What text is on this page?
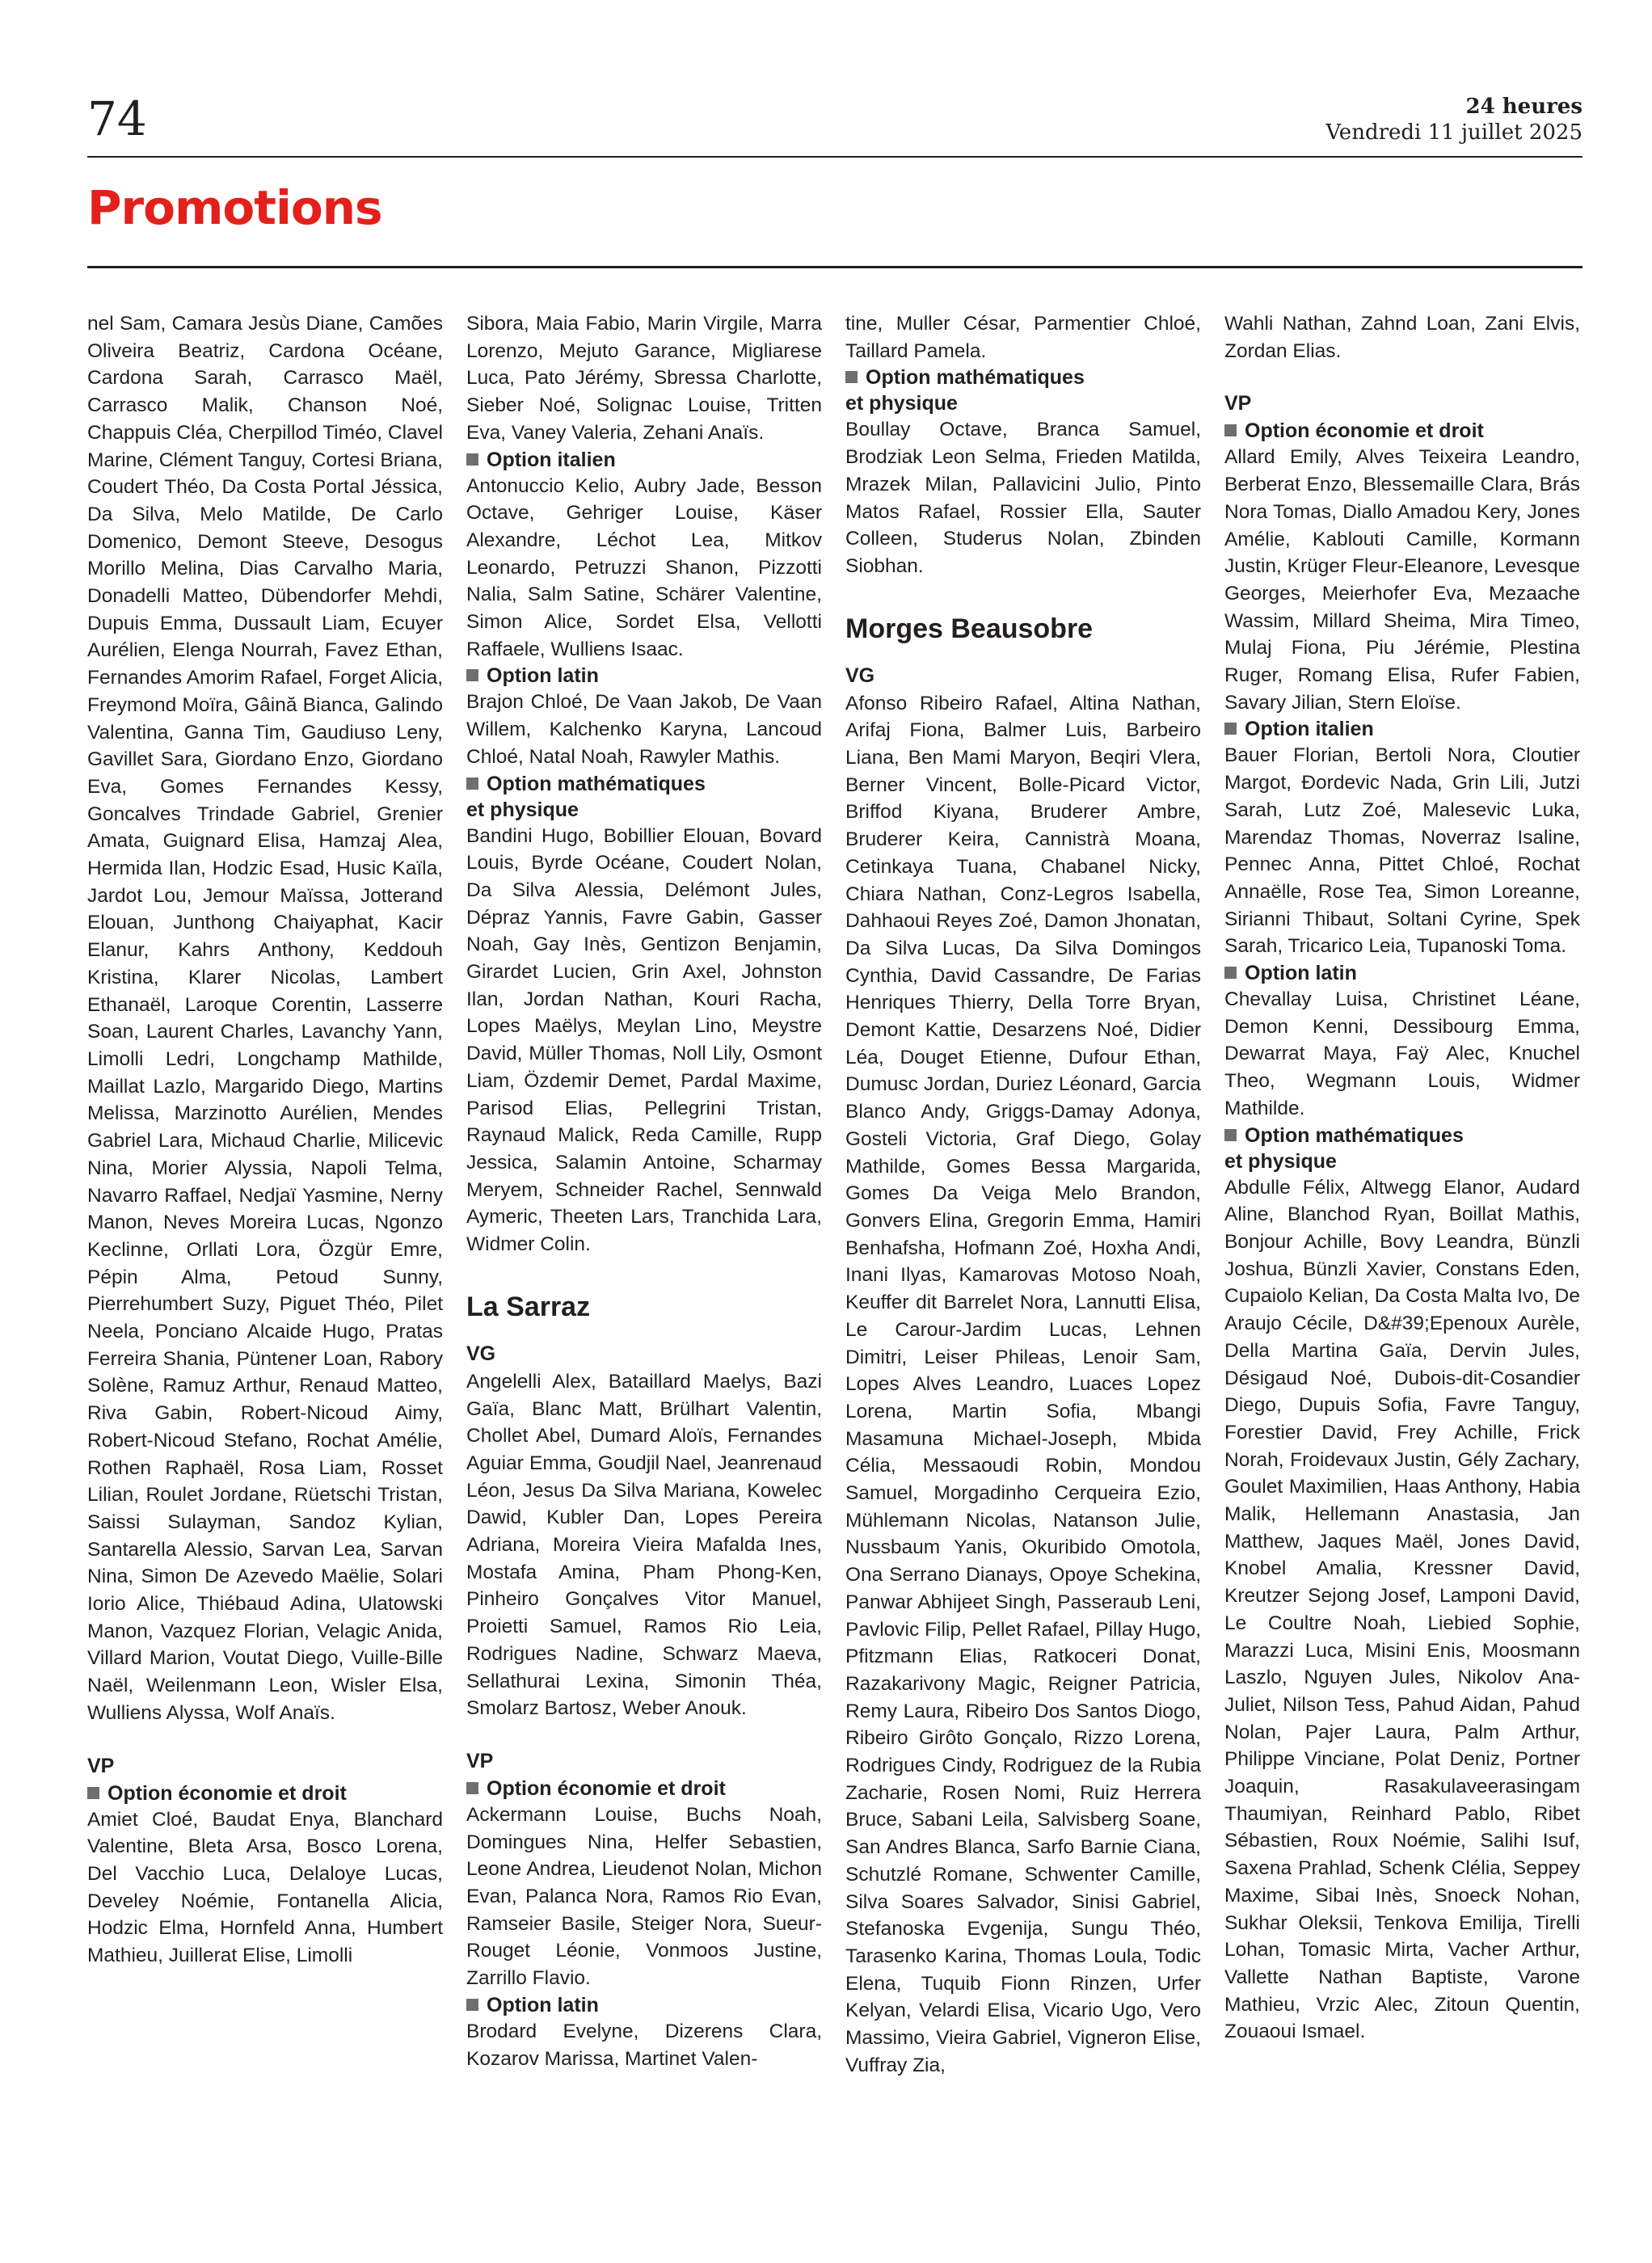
74	24 heures
Vendredi 11 juillet 2025
Promotions

nel Sam, Camara Jesùs Diane, Camões Oliveira Beatriz, Cardona Océane, Cardona Sarah, Carrasco Maël, Carrasco Malik, Chanson Noé, Chappuis Cléa, Cherpillod Timéo, Clavel Marine, Clément Tanguy, Cortesi Briana, Coudert Théo, Da Costa Portal Jéssica, Da Silva, Melo Matilde, De Carlo Domenico, Demont Steeve, Desogus Morillo Melina, Dias Carvalho Maria, Donadelli Matteo, Dübendorfer Mehdi, Dupuis Emma, Dussault Liam, Ecuyer Aurélien, Elenga Nourrah, Favez Ethan, Fernandes Amorim Rafael, Forget Alicia, Freymond Moïra, Gâină Bianca, Galindo Valentina, Ganna Tim, Gaudiuso Leny, Gavillet Sara, Giordano Enzo, Giordano Eva, Gomes Fernandes Kessy, Goncalves Trindade Gabriel, Grenier Amata, Guignard Elisa, Hamzaj Alea, Hermida Ilan, Hodzic Esad, Husic Kaïla, Jardot Lou, Jemour Maïssa, Jotterand Elouan, Junthong Chaiyaphat, Kacir Elanur, Kahrs Anthony, Keddouh Kristina, Klarer Nicolas, Lambert Ethanaël, Laroque Corentin, Lasserre Soan, Laurent Charles, Lavanchy Yann, Limolli Ledri, Longchamp Mathilde, Maillat Lazlo, Margarido Diego, Martins Melissa, Marzinotto Aurélien, Mendes Gabriel Lara, Michaud Charlie, Milicevic Nina, Morier Alyssia, Napoli Telma, Navarro Raffael, Nedjaï Yasmine, Nerny Manon, Neves Moreira Lucas, Ngonzo Keclinne, Orllati Lora, Özgür Emre, Pépin Alma, Petoud Sunny, Pierrehumbert Suzy, Piguet Théo, Pilet Neela, Ponciano Alcaide Hugo, Pratas Ferreira Shania, Püntener Loan, Rabory Solène, Ramuz Arthur, Renaud Matteo, Riva Gabin, Robert-Nicoud Aimy, Robert-Nicoud Stefano, Rochat Amélie, Rothen Raphaël, Rosa Liam, Rosset Lilian, Roulet Jordane, Rüetschi Tristan, Saissi Sulayman, Sandoz Kylian, Santarella Alessio, Sarvan Lea, Sarvan Nina, Simon De Azevedo Maëlie, Solari Iorio Alice, Thiébaud Adina, Ulatowski Manon, Vazquez Florian, Velagic Anida, Villard Marion, Voutat Diego, Vuille-Bille Naël, Weilenmann Leon, Wisler Elsa, Wulliens Alyssa, Wolf Anaïs.

VP
Option économie et droit

Amiet Cloé, Baudat Enya, Blanchard Valentine, Bleta Arsa, Bosco Lorena, Del Vacchio Luca, Delaloye Lucas, Develey Noémie, Fontanella Alicia, Hodzic Elma, Hornfeld Anna, Humbert Mathieu, Juillerat Elise, Limolli

Sibora, Maia Fabio, Marin Virgile, Marra Lorenzo, Mejuto Garance, Migliarese Luca, Pato Jérémy, Sbressa Charlotte, Sieber Noé, Solignac Louise, Tritten Eva, Vaney Valeria, Zehani Anaïs.

Option italien

Antonuccio Kelio, Aubry Jade, Besson Octave, Gehriger Louise, Käser Alexandre, Léchot Lea, Mitkov Leonardo, Petruzzi Shanon, Pizzotti Nalia, Salm Satine, Schärer Valentine, Simon Alice, Sordet Elsa, Vellotti Raffaele, Wulliens Isaac.

Option latin

Brajon Chloé, De Vaan Jakob, De Vaan Willem, Kalchenko Karyna, Lancoud Chloé, Natal Noah, Rawyler Mathis.

Option mathématiques
et physique

Bandini Hugo, Bobillier Elouan, Bovard Louis, Byrde Océane, Coudert Nolan, Da Silva Alessia, Delémont Jules, Dépraz Yannis, Favre Gabin, Gasser Noah, Gay Inès, Gentizon Benjamin, Girardet Lucien, Grin Axel, Johnston Ilan, Jordan Nathan, Kouri Racha, Lopes Maëlys, Meylan Lino, Meystre David, Müller Thomas, Noll Lily, Osmont Liam, Özdemir Demet, Pardal Maxime, Parisod Elias, Pellegrini Tristan, Raynaud Malick, Reda Camille, Rupp Jessica, Salamin Antoine, Scharmay Meryem, Schneider Rachel, Sennwald Aymeric, Theeten Lars, Tranchida Lara, Widmer Colin.

La Sarraz
VG

Angelelli Alex, Bataillard Maelys, Bazi Gaïa, Blanc Matt, Brülhart Valentin, Chollet Abel, Dumard Aloïs, Fernandes Aguiar Emma, Goudjil Nael, Jeanrenaud Léon, Jesus Da Silva Mariana, Kowelec Dawid, Kubler Dan, Lopes Pereira Adriana, Moreira Vieira Mafalda Ines, Mostafa Amina, Pham Phong-Ken, Pinheiro Gonçalves Vitor Manuel, Proietti Samuel, Ramos Rio Leia, Rodrigues Nadine, Schwarz Maeva, Sellathurai Lexina, Simonin Théa, Smolarz Bartosz, Weber Anouk.

VP
Option économie et droit

Ackermann Louise, Buchs Noah, Domingues Nina, Helfer Sebastien, Leone Andrea, Lieudenot Nolan, Michon Evan, Palanca Nora, Ramos Rio Evan, Ramseier Basile, Steiger Nora, Sueur-Rouget Léonie, Vonmoos Justine, Zarrillo Flavio.

Option latin

Brodard Evelyne, Dizerens Clara, Kozarov Marissa, Martinet Valen-

tine, Muller César, Parmentier Chloé, Taillard Pamela.

Option mathématiques
et physique

Boullay Octave, Branca Samuel, Brodziak Leon Selma, Frieden Matilda, Mrazek Milan, Pallavicini Julio, Pinto Matos Rafael, Rossier Ella, Sauter Colleen, Studerus Nolan, Zbinden Siobhan.

Morges Beausobre
VG

Afonso Ribeiro Rafael, Altina Nathan, Arifaj Fiona, Balmer Luis, Barbeiro Liana, Ben Mami Maryon, Beqiri Vlera, Berner Vincent, Bolle-Picard Victor, Briffod Kiyana, Bruderer Ambre, Bruderer Keira, Cannistrà Moana, Cetinkaya Tuana, Chabanel Nicky, Chiara Nathan, Conz-Legros Isabella, Dahhaoui Reyes Zoé, Damon Jhonatan, Da Silva Lucas, Da Silva Domingos Cynthia, David Cassandre, De Farias Henriques Thierry, Della Torre Bryan, Demont Kattie, Desarzens Noé, Didier Léa, Douget Etienne, Dufour Ethan, Dumusc Jordan, Duriez Léonard, Garcia Blanco Andy, Griggs-Damay Adonya, Gosteli Victoria, Graf Diego, Golay Mathilde, Gomes Bessa Margarida, Gomes Da Veiga Melo Brandon, Gonvers Elina, Gregorin Emma, Hamiri Benhafsha, Hofmann Zoé, Hoxha Andi, Inani Ilyas, Kamarovas Motoso Noah, Keuffer dit Barrelet Nora, Lannutti Elisa, Le Carour-Jardim Lucas, Lehnen Dimitri, Leiser Phileas, Lenoir Sam, Lopes Alves Leandro, Luaces Lopez Lorena, Martin Sofia, Mbangi Masamuna Michael-Joseph, Mbida Célia, Messaoudi Robin, Mondou Samuel, Morgadinho Cerqueira Ezio, Mühlemann Nicolas, Natanson Julie, Nussbaum Yanis, Okuribido Omotola, Ona Serrano Dianays, Opoye Schekina, Panwar Abhijeet Singh, Passeraub Leni, Pavlovic Filip, Pellet Rafael, Pillay Hugo, Pfitzmann Elias, Ratkoceri Donat, Razakarivony Magic, Reigner Patricia, Remy Laura, Ribeiro Dos Santos Diogo, Ribeiro Girôto Gonçalo, Rizzo Lorena, Rodrigues Cindy, Rodriguez de la Rubia Zacharie, Rosen Nomi, Ruiz Herrera Bruce, Sabani Leila, Salvisberg Soane, San Andres Blanca, Sarfo Barnie Ciana, Schutzlé Romane, Schwenter Camille, Silva Soares Salvador, Sinisi Gabriel, Stefanoska Evgenija, Sungu Théo, Tarasenko Karina, Thomas Loula, Todic Elena, Tuquib Fionn Rinzen, Urfer Kelyan, Velardi Elisa, Vicario Ugo, Vero Massimo, Vieira Gabriel, Vigneron Elise, Vuffray Zia,

Wahli Nathan, Zahnd Loan, Zani Elvis, Zordan Elias.

VP
Option économie et droit

Allard Emily, Alves Teixeira Leandro, Berberat Enzo, Blessemaille Clara, Brás Nora Tomas, Diallo Amadou Kery, Jones Amélie, Kablouti Camille, Kormann Justin, Krüger Fleur-Eleanore, Levesque Georges, Meierhofer Eva, Mezaache Wassim, Millard Sheima, Mira Timeo, Mulaj Fiona, Piu Jérémie, Plestina Ruger, Romang Elisa, Rufer Fabien, Savary Jilian, Stern Eloïse.

Option italien

Bauer Florian, Bertoli Nora, Cloutier Margot, Đordevic Nada, Grin Lili, Jutzi Sarah, Lutz Zoé, Malesevic Luka, Marendaz Thomas, Noverraz Isaline, Pennec Anna, Pittet Chloé, Rochat Annaëlle, Rose Tea, Simon Loreanne, Sirianni Thibaut, Soltani Cyrine, Spek Sarah, Tricarico Leia, Tupanoski Toma.

Option latin

Chevallay Luisa, Christinet Léane, Demon Kenni, Dessibourg Emma, Dewarrat Maya, Faÿ Alec, Knuchel Theo, Wegmann Louis, Widmer Mathilde.

Option mathématiques
et physique

Abdulle Félix, Altwegg Elanor, Audard Aline, Blanchod Ryan, Boillat Mathis, Bonjour Achille, Bovy Leandra, Bünzli Joshua, Bünzli Xavier, Constans Eden, Cupaiolo Kelian, Da Costa Malta Ivo, De Araujo Cécile, D&#39;Epenoux Aurèle, Della Martina Gaïa, Dervin Jules, Désigaud Noé, Dubois-dit-Cosandier Diego, Dupuis Sofia, Favre Tanguy, Forestier David, Frey Achille, Frick Norah, Froidevaux Justin, Gély Zachary, Goulet Maximilien, Haas Anthony, Habia Malik, Hellemann Anastasia, Jan Matthew, Jaques Maël, Jones David, Knobel Amalia, Kressner David, Kreutzer Sejong Josef, Lamponi David, Le Coultre Noah, Liebied Sophie, Marazzi Luca, Misini Enis, Moosmann Laszlo, Nguyen Jules, Nikolov Ana-Juliet, Nilson Tess, Pahud Aidan, Pahud Nolan, Pajer Laura, Palm Arthur, Philippe Vinciane, Polat Deniz, Portner Joaquin, Rasakulaveerasingam Thaumiyan, Reinhard Pablo, Ribet Sébastien, Roux Noémie, Salihi Isuf, Saxena Prahlad, Schenk Clélia, Seppey Maxime, Sibai Inès, Snoeck Nohan, Sukhar Oleksii, Tenkova Emilija, Tirelli Lohan, Tomasic Mirta, Vacher Arthur, Vallette Nathan Baptiste, Varone Mathieu, Vrzic Alec, Zitoun Quentin, Zouaoui Ismael.
